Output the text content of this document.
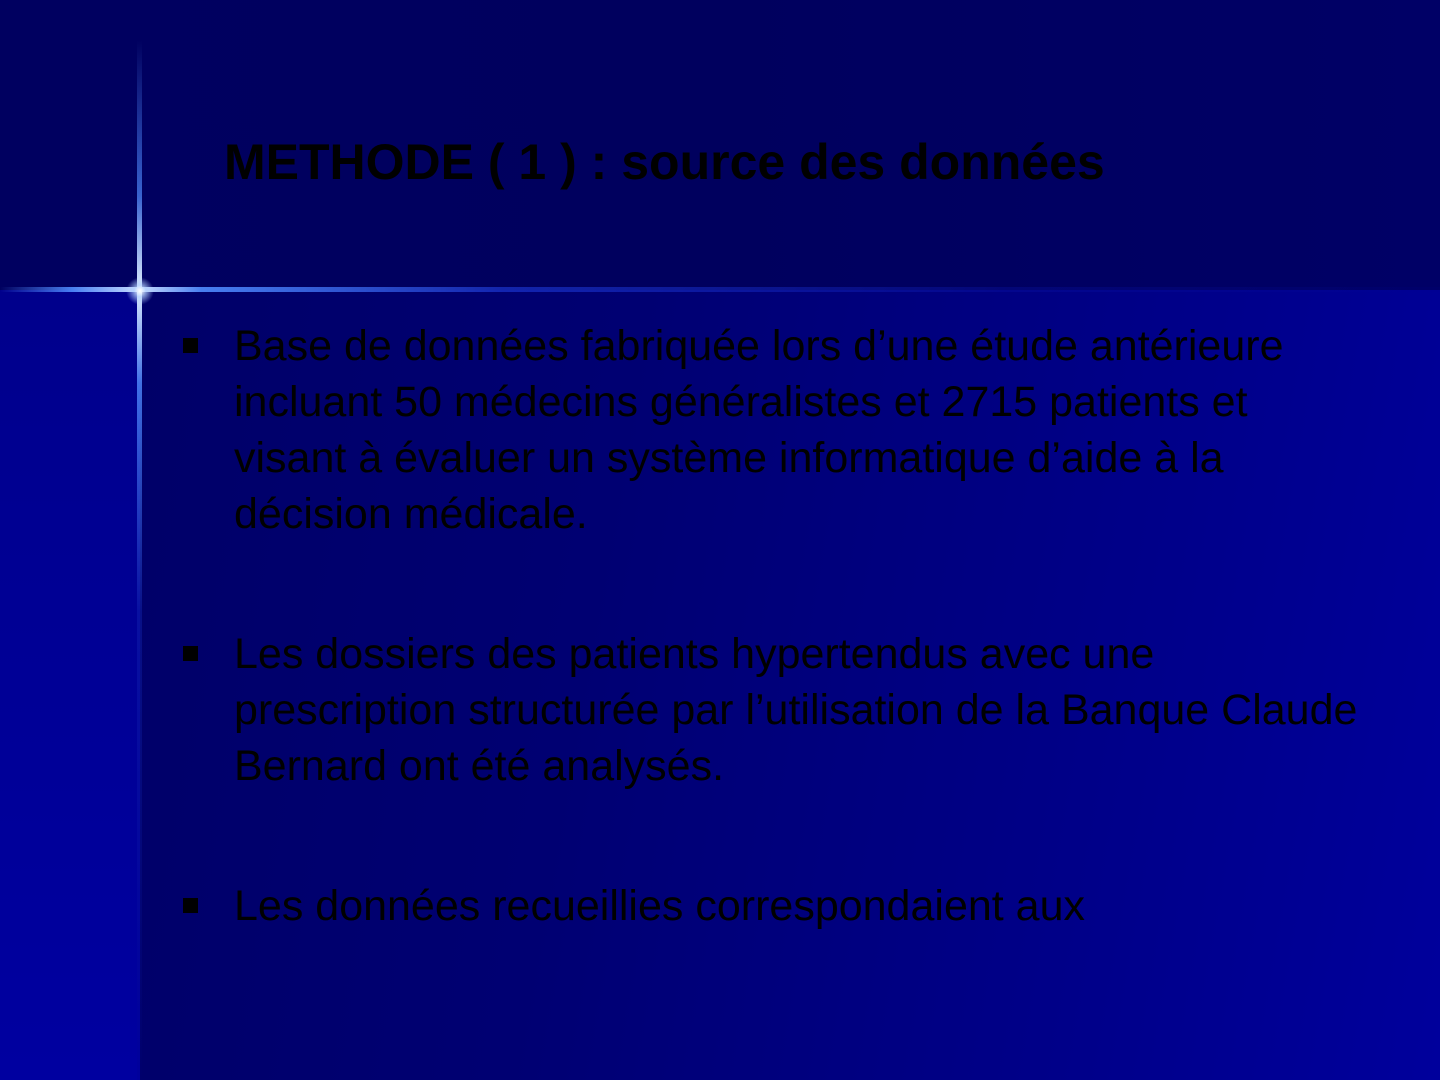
METHODE ( 1 ) : source des données
Base de données fabriquée lors d’une étude antérieure incluant 50 médecins généralistes et 2715 patients et visant à évaluer un système informatique d’aide à la décision médicale.
Les dossiers des patients hypertendus avec une prescription structurée par l’utilisation de la Banque Claude Bernard ont été analysés.
Les données recueillies correspondaient aux
